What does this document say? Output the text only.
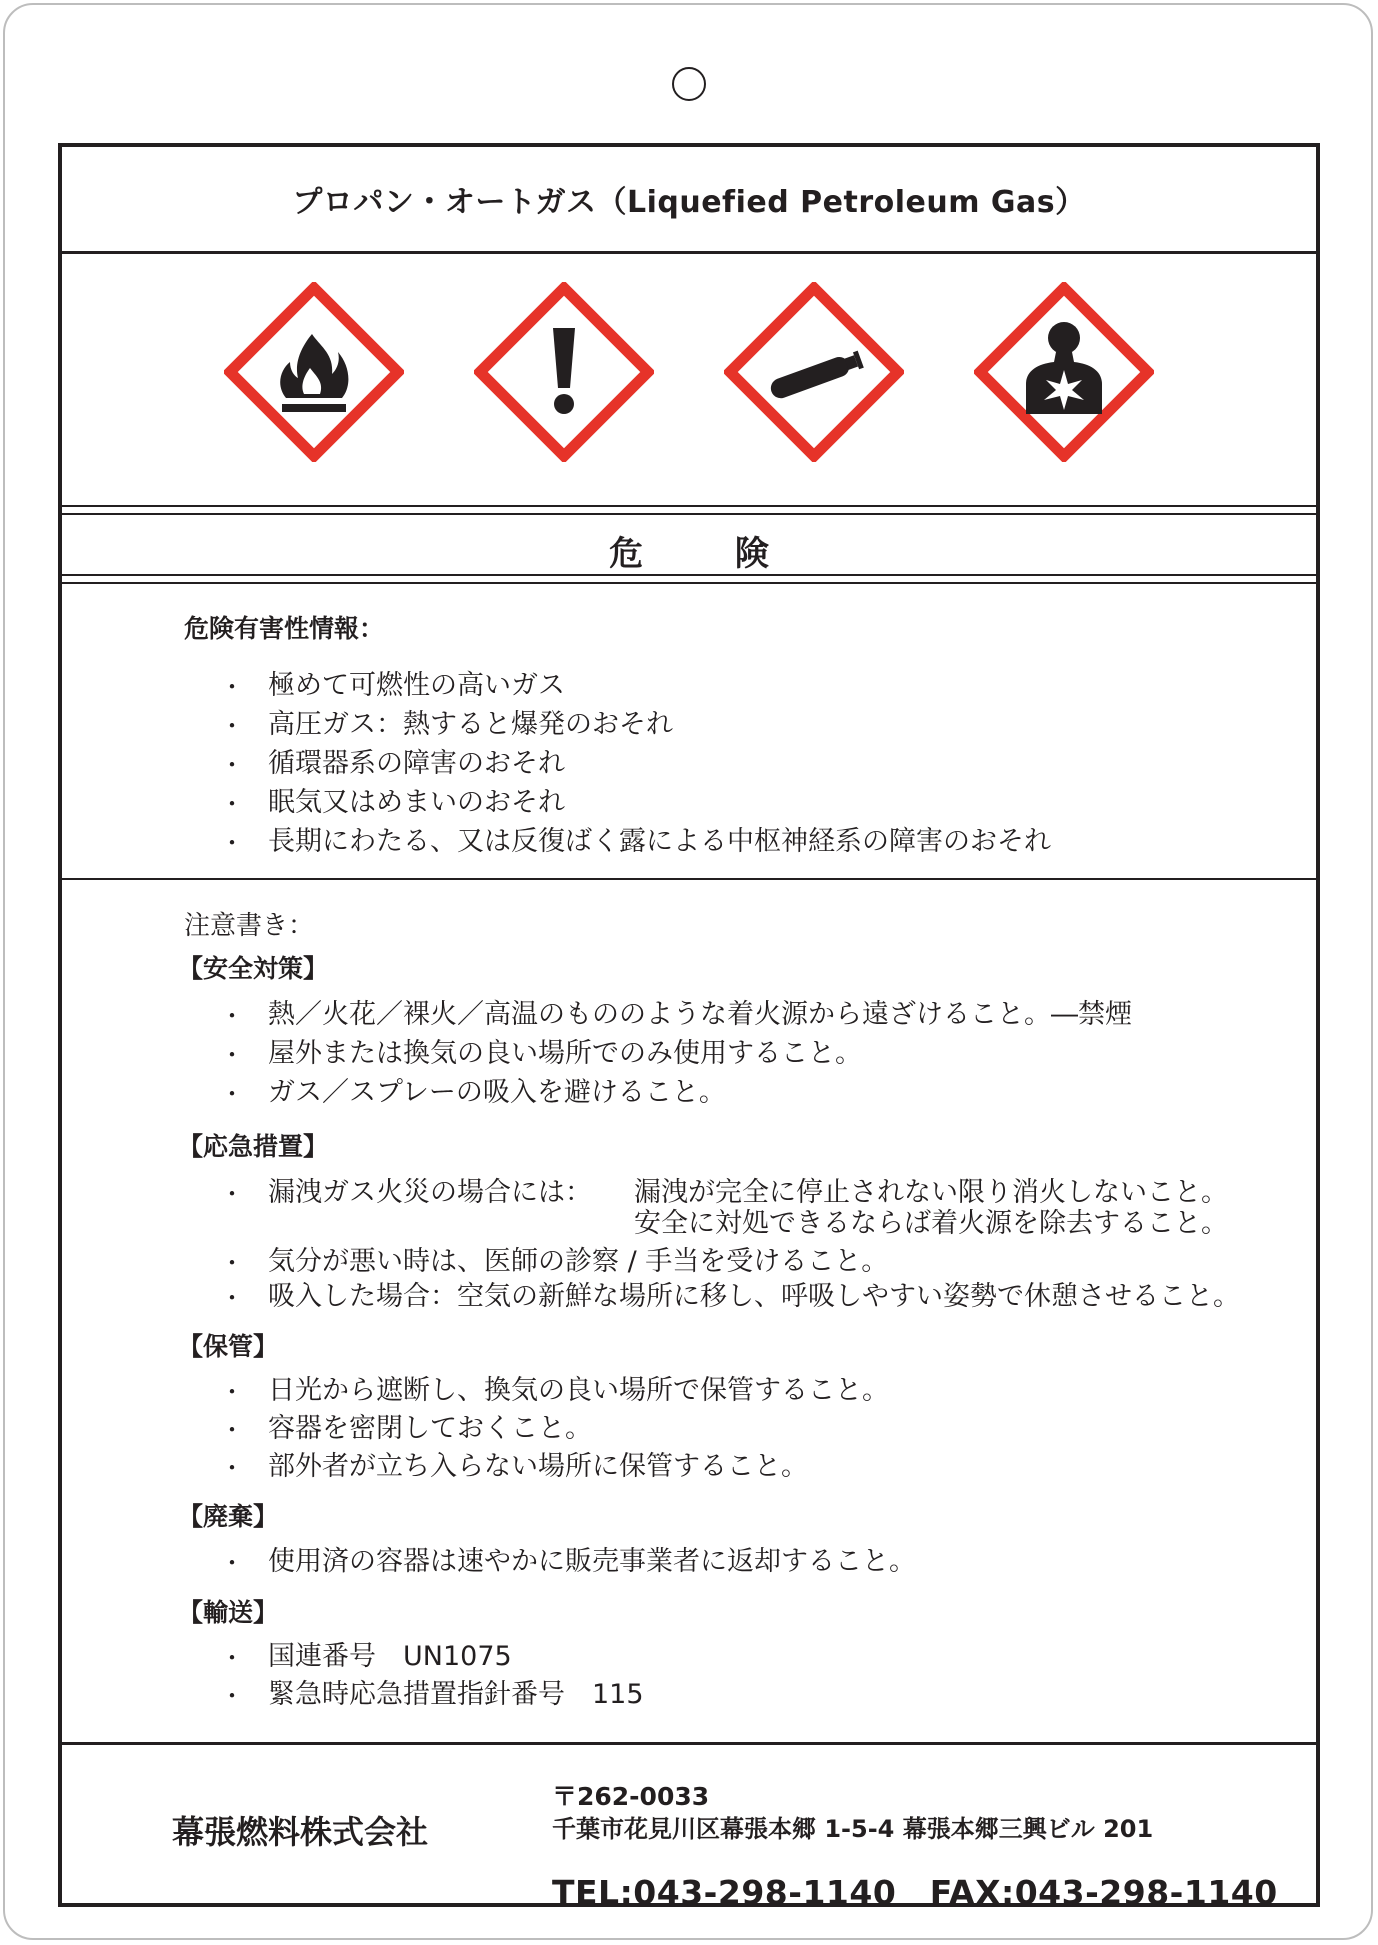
プロパン・オートガス（Liquefied Petroleum Gas）
危 険
危険有害性情報：
・ 極めて可燃性の高いガス
・ 高圧ガス：熱すると爆発のおそれ
・ 循環器系の障害のおそれ
・ 眠気又はめまいのおそれ
・ 長期にわたる、又は反復ばく露による中枢神経系の障害のおそれ
注意書き：
【安全対策】
・ 熱／火花／裸火／高温のもののような着火源から遠ざけること。―禁煙
・ 屋外または換気の良い場所でのみ使用すること。
・ ガス／スプレーの吸入を避けること。
【応急措置】
・ 漏洩ガス火災の場合には： 漏洩が完全に停止されない限り消火しないこと。
安全に対処できるならば着火源を除去すること。
・ 気分が悪い時は、医師の診察 / 手当を受けること。
・ 吸入した場合：空気の新鮮な場所に移し、呼吸しやすい姿勢で休憩させること。
【保管】
・ 日光から遮断し、換気の良い場所で保管すること。
・ 容器を密閉しておくこと。
・ 部外者が立ち入らない場所に保管すること。
【廃棄】
・ 使用済の容器は速やかに販売事業者に返却すること。
【輸送】
・ 国連番号　UN1075
・ 緊急時応急措置指針番号　115
幕張燃料株式会社
〒262-0033
千葉市花見川区幕張本郷 1-5-4 幕張本郷三興ビル 201
TEL:043-298-1140　FAX:043-298-1140
